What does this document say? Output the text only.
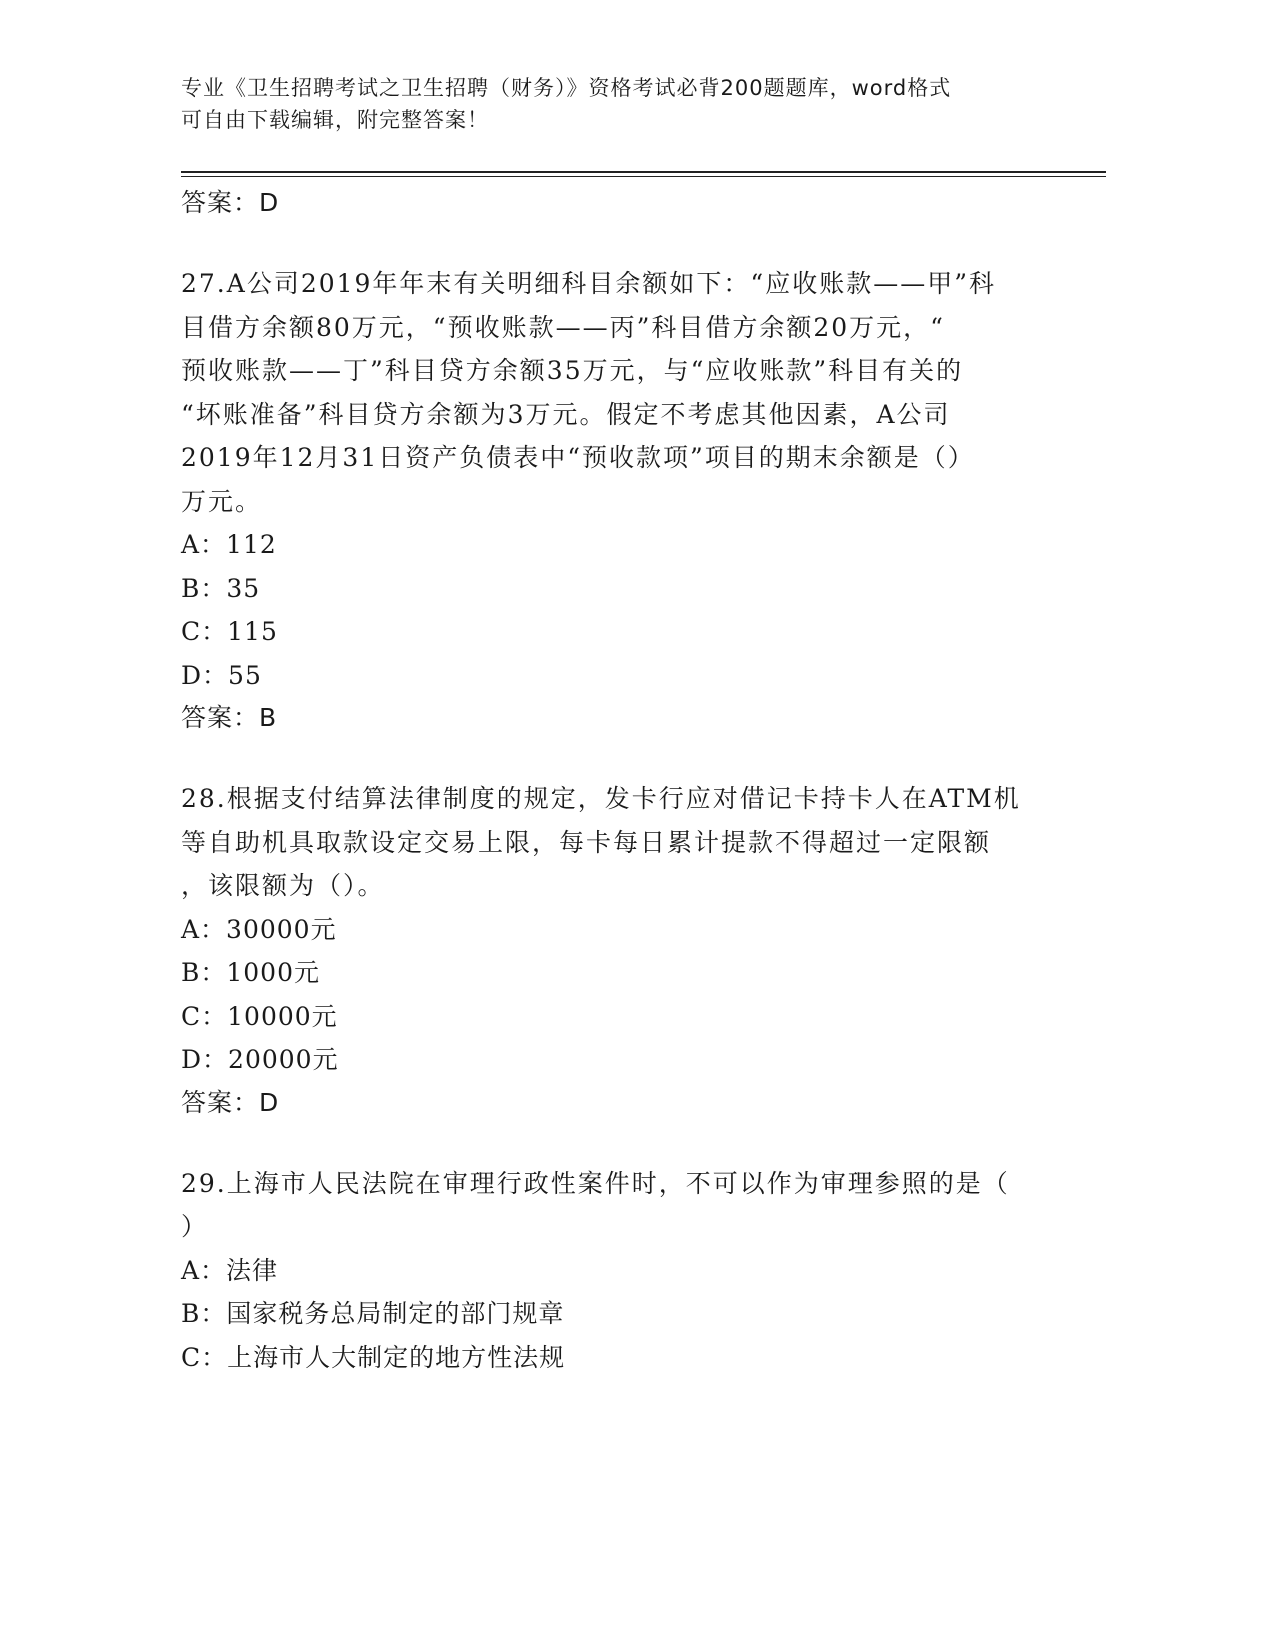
专业《卫生招聘考试之卫生招聘（财务）》资格考试必背200题题库，word格式
可自由下载编辑，附完整答案！

答案：D

27.A公司2019年年末有关明细科目余额如下：“应收账款——甲”科
目借方余额80万元，“预收账款——丙”科目借方余额20万元，“
预收账款——丁”科目贷方余额35万元，与“应收账款”科目有关的
“坏账准备”科目贷方余额为3万元。假定不考虑其他因素，A公司
2019年12月31日资产负债表中“预收款项”项目的期末余额是（）
万元。
A：112
B：35
C：115
D：55

答案：B

28.根据支付结算法律制度的规定，发卡行应对借记卡持卡人在ATM机
等自助机具取款设定交易上限，每卡每日累计提款不得超过一定限额
，该限额为（）。
A：30000元
B：1000元
C：10000元
D：20000元

答案：D

29.上海市人民法院在审理行政性案件时，不可以作为审理参照的是（
）
A：法律
B：国家税务总局制定的部门规章
C：上海市人大制定的地方性法规
